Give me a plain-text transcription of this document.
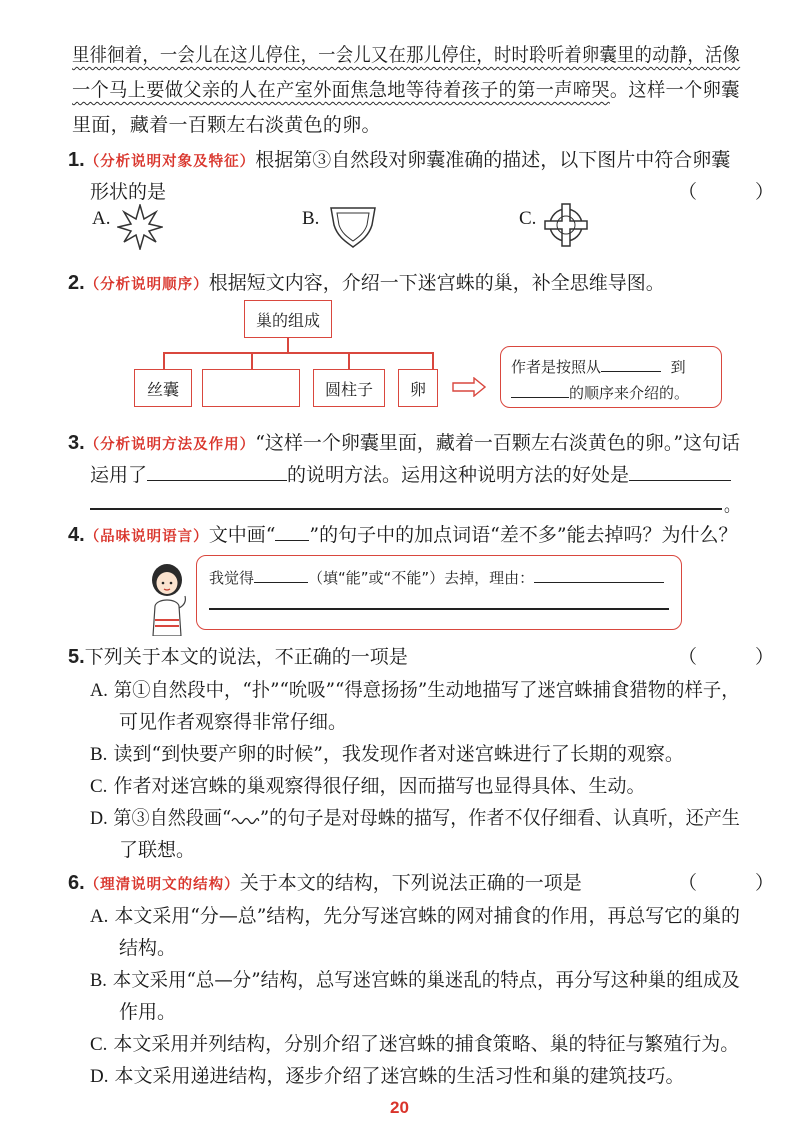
里徘徊着，一会儿在这儿停住，一会儿又在那儿停住，时时聆听着卵囊里的动静，活像
一个马上要做父亲的人在产室外面焦急地等待着孩子的第一声啼哭。这样一个卵囊
里面，藏着一百颗左右淡黄色的卵。
1.（分析说明对象及特征）根据第③自然段对卵囊准确的描述，以下图片中符合卵囊
形状的是	（ ）
A.	B.	C.
2.（分析说明顺序）根据短文内容，介绍一下迷宫蛛的巢，补全思维导图。
巢的组成
丝囊	圆柱子	卵
作者是按照从	到
的顺序来介绍的。
3.（分析说明方法及作用）“这样一个卵囊里面，藏着一百颗左右淡黄色的卵。”这句话
运用了	的说明方法。运用这种说明方法的好处是
。
4.（品味说明语言）文中画“ ”的句子中的加点词语“差不多”能去掉吗？为什么？
我觉得	（填“能”或“不能”）去掉，理由：
5.下列关于本文的说法，不正确的一项是	（ ）
A. 第①自然段中，“扑”“吮吸”“得意扬扬”生动地描写了迷宫蛛捕食猎物的样子，
可见作者观察得非常仔细。
B. 读到“到快要产卵的时候”，我发现作者对迷宫蛛进行了长期的观察。
C. 作者对迷宫蛛的巢观察得很仔细，因而描写也显得具体、生动。
D. 第③自然段画“ ”的句子是对母蛛的描写，作者不仅仔细看、认真听，还产生
了联想。
6.（理清说明文的结构）关于本文的结构，下列说法正确的一项是	（ ）
A. 本文采用“分—总”结构，先分写迷宫蛛的网对捕食的作用，再总写它的巢的
结构。
B. 本文采用“总—分”结构，总写迷宫蛛的巢迷乱的特点，再分写这种巢的组成及
作用。
C. 本文采用并列结构，分别介绍了迷宫蛛的捕食策略、巢的特征与繁殖行为。
D. 本文采用递进结构，逐步介绍了迷宫蛛的生活习性和巢的建筑技巧。
20
